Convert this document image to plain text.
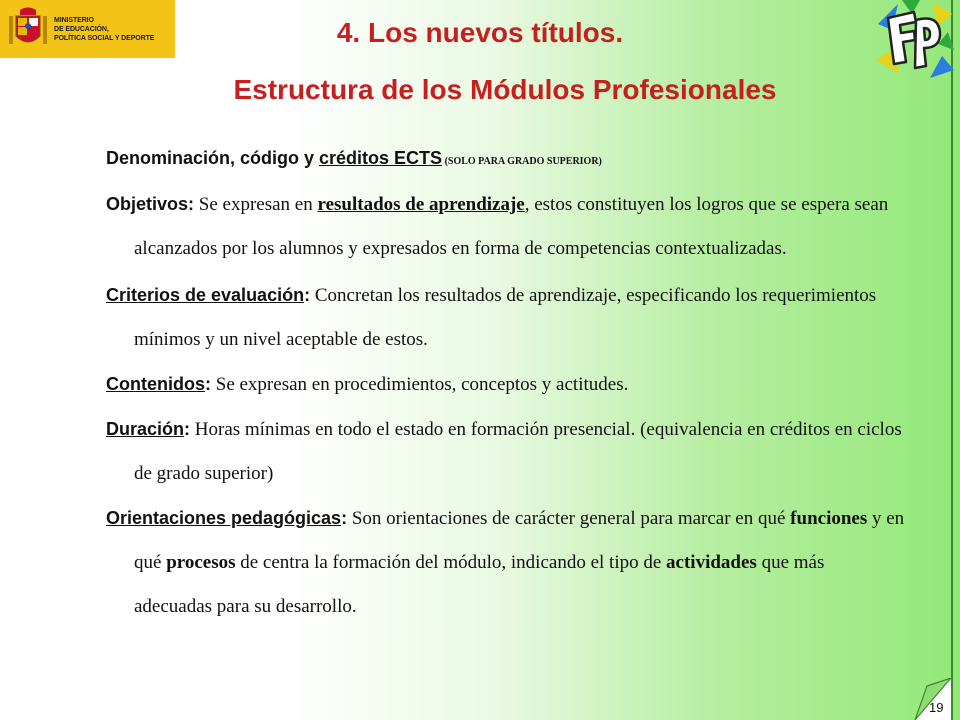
MINISTERIO
DE EDUCACIÓN,
POLÍTICA SOCIAL Y DEPORTE	4. Los nuevos títulos.
Estructura de los Módulos Profesionales
Denominación, código y créditos ECTS (SOLO PARA GRADO SUPERIOR)
Objetivos: Se expresan en resultados de aprendizaje, estos constituyen los logros que se espera sean alcanzados por los alumnos y expresados en forma de competencias contextualizadas.
Criterios de evaluación: Concretan los resultados de aprendizaje, especificando los requerimientos mínimos y un nivel aceptable de estos.
Contenidos: Se expresan en procedimientos, conceptos y actitudes.
Duración: Horas mínimas en todo el estado en formación presencial. (equivalencia en créditos en ciclos de grado superior)
Orientaciones pedagógicas: Son orientaciones de carácter general para marcar en qué funciones y en qué procesos de centra la formación del módulo, indicando el tipo de actividades que más adecuadas para su desarrollo.
19
